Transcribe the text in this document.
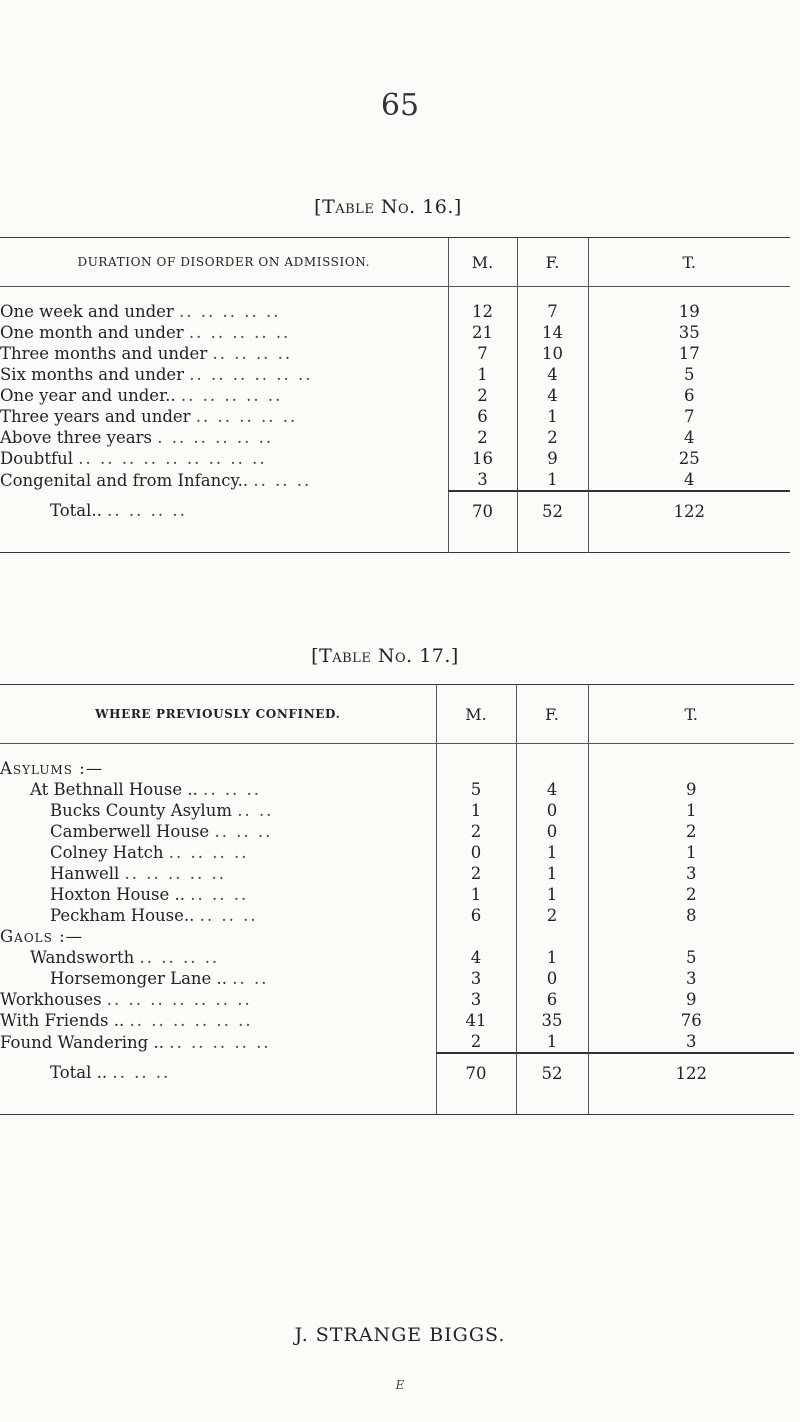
65
[Table No. 16.]
DURATION OF DISORDER ON ADMISSION.	M.	F.	T.

One week and under .. .. .. .. ..	12	7	19
One month and under .. .. .. .. ..	21	14	35
Three months and under .. .. .. ..	7	10	17
Six months and under .. .. .. .. .. ..	1	4	5
One year and under.. .. .. .. .. ..	2	4	6
Three years and under .. .. .. .. ..	6	1	7
Above three years . .. .. .. .. ..	2	2	4
Doubtful .. .. .. .. .. .. .. .. ..	16	9	25
Congenital and from Infancy.. .. .. ..	3	1	4
Total.. .. .. .. ..	70	52	122

[Table No. 17.]
WHERE PREVIOUSLY CONFINED.	M.	F.	T.

Asylums :—			
At Bethnall House .. .. .. ..	5	4	9
Bucks County Asylum .. ..	1	0	1
Camberwell House .. .. ..	2	0	2
Colney Hatch .. .. .. ..	0	1	1
Hanwell .. .. .. .. ..	2	1	3
Hoxton House .. .. .. ..	1	1	2
Peckham House.. .. .. ..	6	2	8
Gaols :—			
Wandsworth .. .. .. ..	4	1	5
Horsemonger Lane .. .. ..	3	0	3
Workhouses .. .. .. .. .. .. ..	3	6	9
With Friends .. .. .. .. .. .. ..	41	35	76
Found Wandering .. .. .. .. .. ..	2	1	3
Total .. .. .. ..	70	52	122

J. STRANGE BIGGS.
E
